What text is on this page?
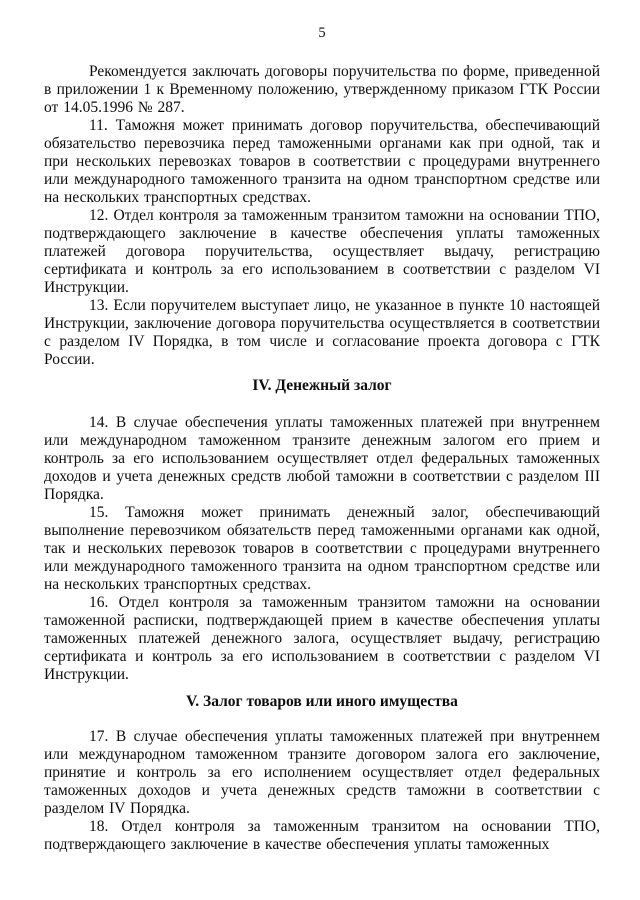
5

Рекомендуется заключать договоры поручительства по форме, приведенной в приложении 1 к Временному положению, утвержденному приказом ГТК России от 14.05.1996 № 287.

11. Таможня может принимать договор поручительства, обеспечивающий обязательство перевозчика перед таможенными органами как при одной, так и при нескольких перевозках товаров в соответствии с процедурами внутреннего или международного таможенного транзита на одном транспортном средстве или на нескольких транспортных средствах.

12. Отдел контроля за таможенным транзитом таможни на основании ТПО, подтверждающего заключение в качестве обеспечения уплаты таможенных платежей договора поручительства, осуществляет выдачу, регистрацию сертификата и контроль за его использованием в соответствии с разделом VI Инструкции.

13. Если поручителем выступает лицо, не указанное в пункте 10 настоящей Инструкции, заключение договора поручительства осуществляется в соответствии с разделом IV Порядка, в том числе и согласование проекта договора с ГТК России.

IV. Денежный залог

14. В случае обеспечения уплаты таможенных платежей при внутреннем или международном таможенном транзите денежным залогом его прием и контроль за его использованием осуществляет отдел федеральных таможенных доходов и учета денежных средств любой таможни в соответствии с разделом III Порядка.

15. Таможня может принимать денежный залог, обеспечивающий выполнение перевозчиком обязательств перед таможенными органами как одной, так и нескольких перевозок товаров в соответствии с процедурами внутреннего или международного таможенного транзита на одном транспортном средстве или на нескольких транспортных средствах.

16. Отдел контроля за таможенным транзитом таможни на основании таможенной расписки, подтверждающей прием в качестве обеспечения уплаты таможенных платежей денежного залога, осуществляет выдачу, регистрацию сертификата и контроль за его использованием в соответствии с разделом VI Инструкции.

V. Залог товаров или иного имущества

17. В случае обеспечения уплаты таможенных платежей при внутреннем или международном таможенном транзите договором залога его заключение, принятие и контроль за его исполнением осуществляет отдел федеральных таможенных доходов и учета денежных средств таможни в соответствии с разделом IV Порядка.

18. Отдел контроля за таможенным транзитом на основании ТПО, подтверждающего заключение в качестве обеспечения уплаты таможенных
